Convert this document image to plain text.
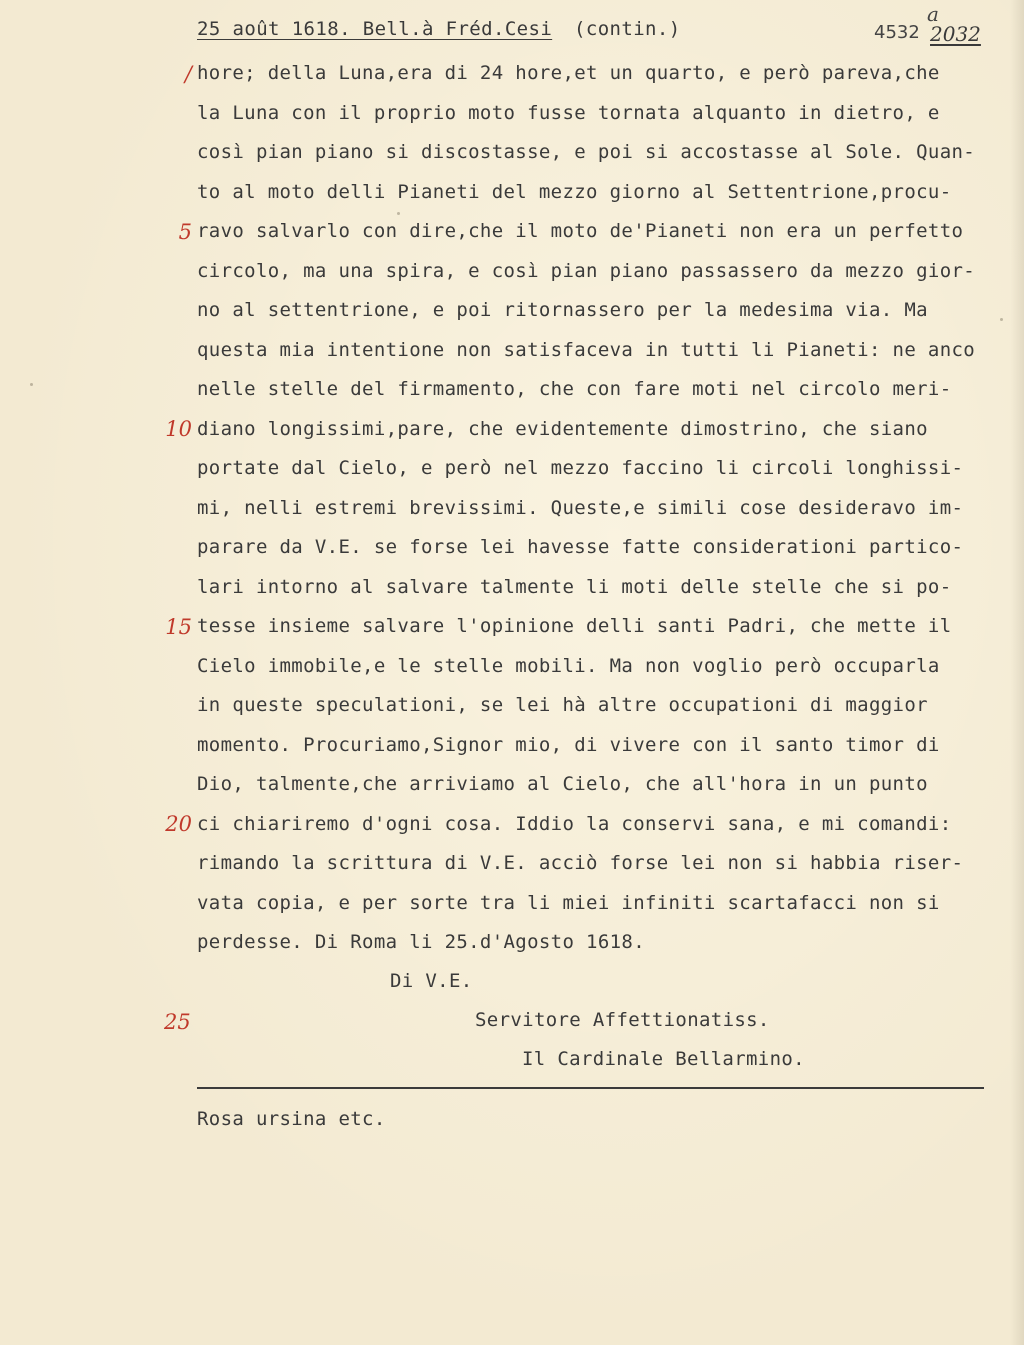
25 août 1618. Bell.à Fréd.Cesi (contin.)	4532
a
2032
/
5
10
15
20
25
hore; della Luna,era di 24 hore,et un quarto, e però pareva,che
la Luna con il proprio moto fusse tornata alquanto in dietro, e
così pian piano si discostasse, e poi si accostasse al Sole. Quan-
to al moto delli Pianeti del mezzo giorno al Settentrione,procu-
ravo salvarlo con dire,che il moto de'Pianeti non era un perfetto
circolo, ma una spira, e così pian piano passassero da mezzo gior-
no al settentrione, e poi ritornassero per la medesima via. Ma
questa mia intentione non satisfaceva in tutti li Pianeti: ne anco
nelle stelle del firmamento, che con fare moti nel circolo meri-
diano longissimi,pare, che evidentemente dimostrino, che siano
portate dal Cielo, e però nel mezzo faccino li circoli longhissi-
mi, nelli estremi brevissimi. Queste,e simili cose desideravo im-
parare da V.E. se forse lei havesse fatte considerationi partico-
lari intorno al salvare talmente li moti delle stelle che si po-
tesse insieme salvare l'opinione delli santi Padri, che mette il
Cielo immobile,e le stelle mobili. Ma non voglio però occuparla
in queste speculationi, se lei hà altre occupationi di maggior
momento. Procuriamo,Signor mio, di vivere con il santo timor di
Dio, talmente,che arriviamo al Cielo, che all'hora in un punto
ci chiariremo d'ogni cosa. Iddio la conservi sana, e mi comandi:
rimando la scrittura di V.E. acciò forse lei non si habbia riser-
vata copia, e per sorte tra li miei infiniti scartafacci non si
perdesse. Di Roma li 25.d'Agosto 1618.
Di V.E.
Servitore Affettionatiss.
Il Cardinale Bellarmino.
Rosa ursina etc.
